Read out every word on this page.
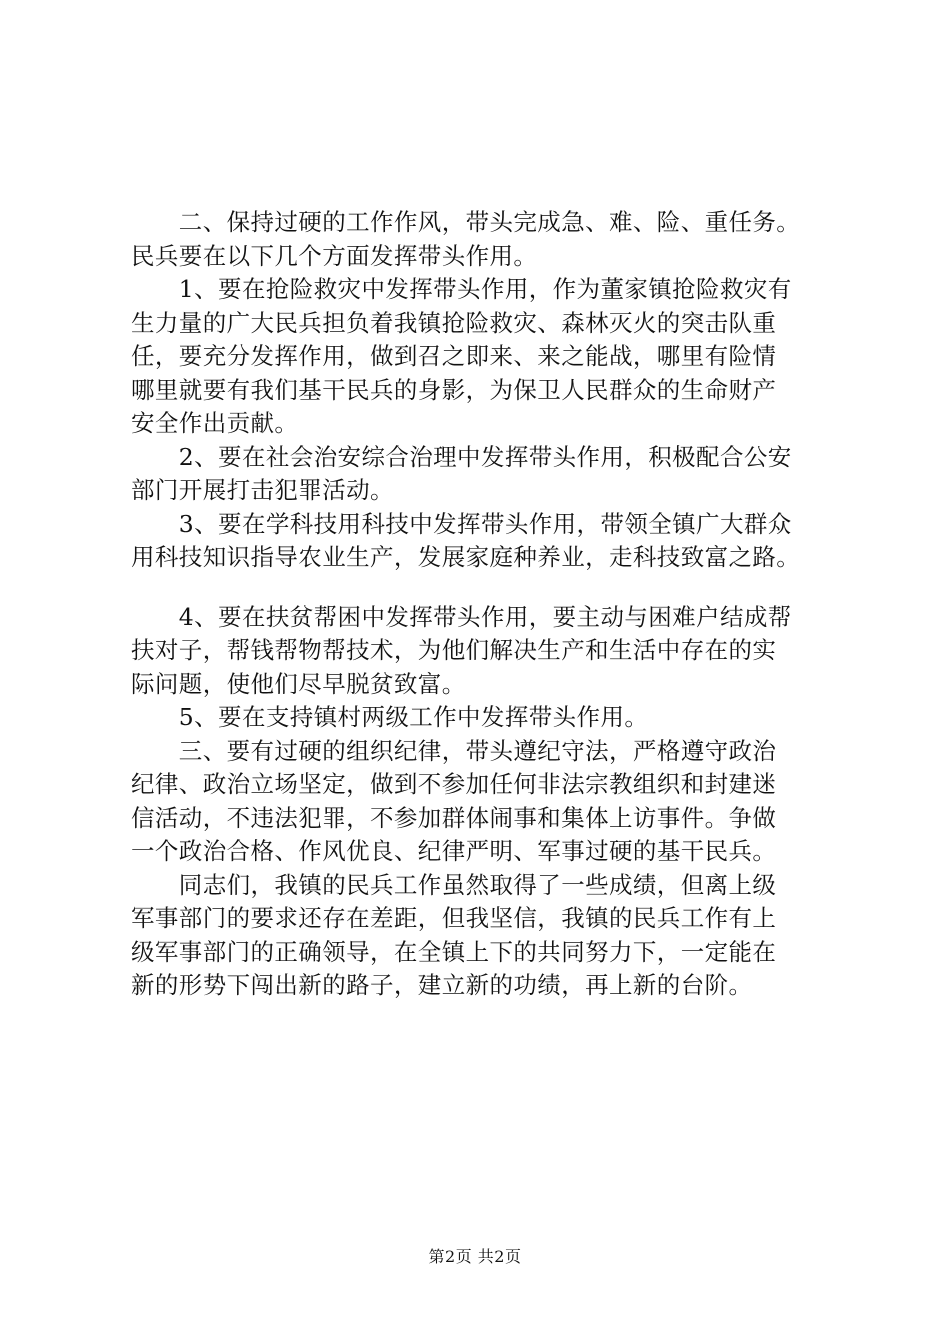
　　二、保持过硬的工作作风，带头完成急、难、险、重任务。
民兵要在以下几个方面发挥带头作用。
　　1、要在抢险救灾中发挥带头作用，作为董家镇抢险救灾有
生力量的广大民兵担负着我镇抢险救灾、森林灭火的突击队重
任，要充分发挥作用，做到召之即来、来之能战，哪里有险情
哪里就要有我们基干民兵的身影，为保卫人民群众的生命财产
安全作出贡献。
　　2、要在社会治安综合治理中发挥带头作用，积极配合公安
部门开展打击犯罪活动。
　　3、要在学科技用科技中发挥带头作用，带领全镇广大群众
用科技知识指导农业生产，发展家庭种养业，走科技致富之路。
　　4、要在扶贫帮困中发挥带头作用，要主动与困难户结成帮
扶对子，帮钱帮物帮技术，为他们解决生产和生活中存在的实
际问题，使他们尽早脱贫致富。
　　5、要在支持镇村两级工作中发挥带头作用。
　　三、要有过硬的组织纪律，带头遵纪守法，严格遵守政治
纪律、政治立场坚定，做到不参加任何非法宗教组织和封建迷
信活动，不违法犯罪，不参加群体闹事和集体上访事件。争做
一个政治合格、作风优良、纪律严明、军事过硬的基干民兵。
　　同志们，我镇的民兵工作虽然取得了一些成绩，但离上级
军事部门的要求还存在差距，但我坚信，我镇的民兵工作有上
级军事部门的正确领导，在全镇上下的共同努力下，一定能在
新的形势下闯出新的路子，建立新的功绩，再上新的台阶。
第2页 共2页
